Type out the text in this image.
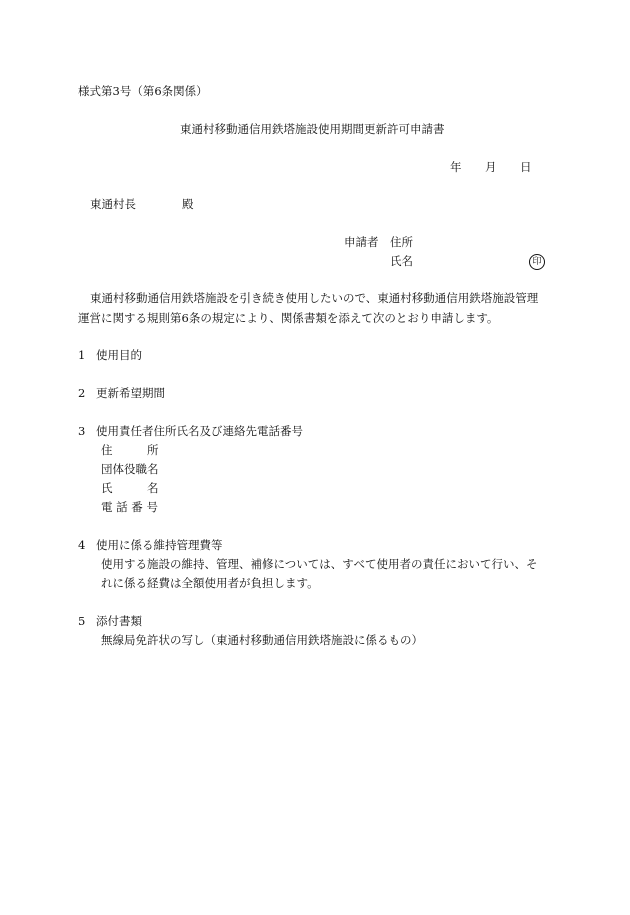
様式第3号（第6条関係）
東通村移動通信用鉄塔施設使用期間更新許可申請書
年 月 日
東通村長	殿
申請者 住所
氏名	印
東通村移動通信用鉄塔施設を引き続き使用したいので、東通村移動通信用鉄塔施設管理
運営に関する規則第6条の規定により、関係書類を添えて次のとおり申請します。
1 使用目的
2 更新希望期間
3 使用責任者住所氏名及び連絡先電話番号
住　　　所
団体役職名
氏　　　名
電 話 番 号
4 使用に係る維持管理費等
使用する施設の維持、管理、補修については、すべて使用者の責任において行い、そ
れに係る経費は全額使用者が負担します。
5 添付書類
無線局免許状の写し（東通村移動通信用鉄塔施設に係るもの）
